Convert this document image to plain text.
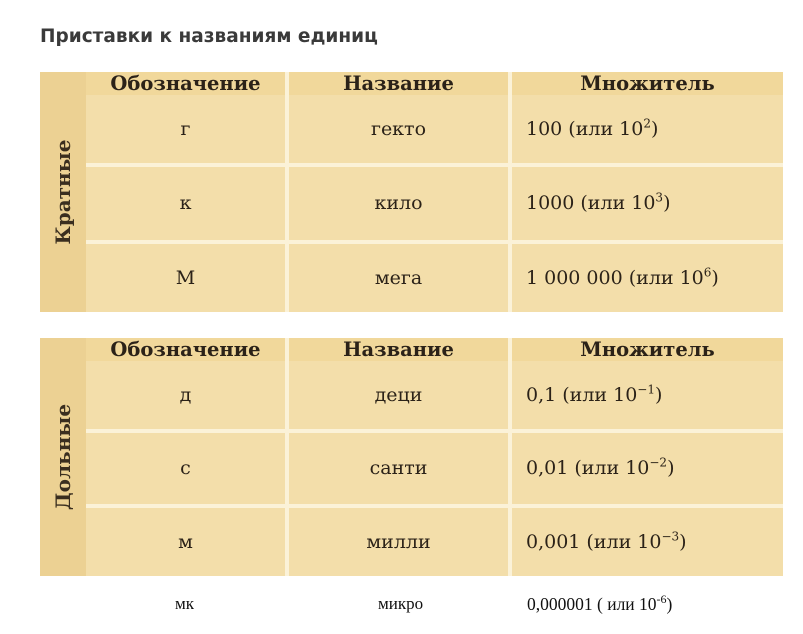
Приставки к названиям единиц
Кратные
Обозначение	Название	Множитель
г	гекто	100 (или $10^2$)
к	кило	1000 (или $10^3$)
М	мега	1 000 000 (или $10^6$)
Дольные
Обозначение	Название	Множитель
д	деци	0,1 (или $10^{-1}$)
с	санти	0,01 (или $10^{-2}$)
м	милли	0,001 (или $10^{-3}$)
мк	микро	0,000001 ( или $10^{-6}$)
